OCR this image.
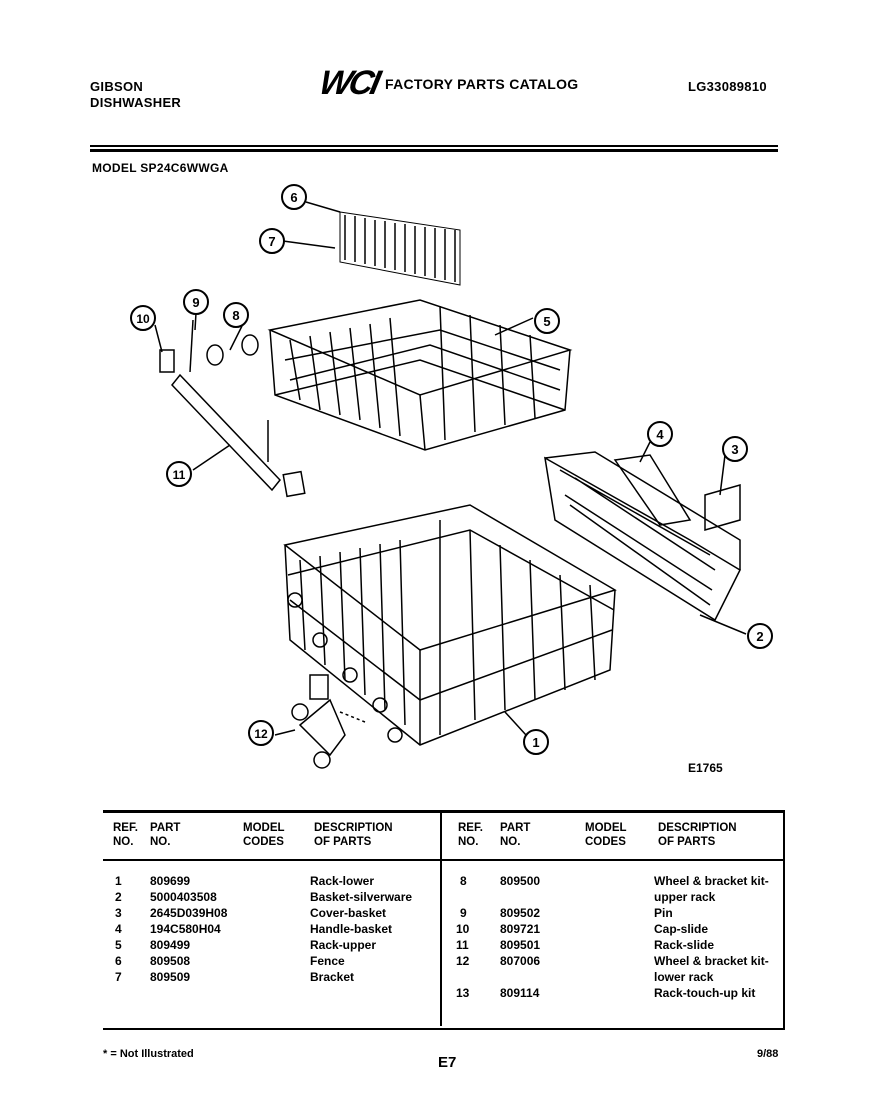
GIBSON
DISHWASHER
WCI FACTORY PARTS CATALOG	LG33089810
MODEL SP24C6WWGA
6
7
10
9
8	5
11
4
3
2
1
12
E1765
REF.
NO.
PART
NO.
MODEL
CODES
DESCRIPTION
OF PARTS
REF.
NO.
PART
NO.
MODEL
CODES
DESCRIPTION
OF PARTS
1 809699	Rack-lower
2 5000403508	Basket-silverware
3 2645D039H08	Cover-basket
4 194C580H04	Handle-basket
5 809499	Rack-upper
6 809508	Fence
7 809509	Bracket
8	809500	Wheel & bracket kit-
upper rack
9	809502	Pin
10	809721	Cap-slide
11	809501	Rack-slide
12	807006	Wheel & bracket kit-
lower rack
13	809114	Rack-touch-up kit
* = Not Illustrated	E7	9/88
